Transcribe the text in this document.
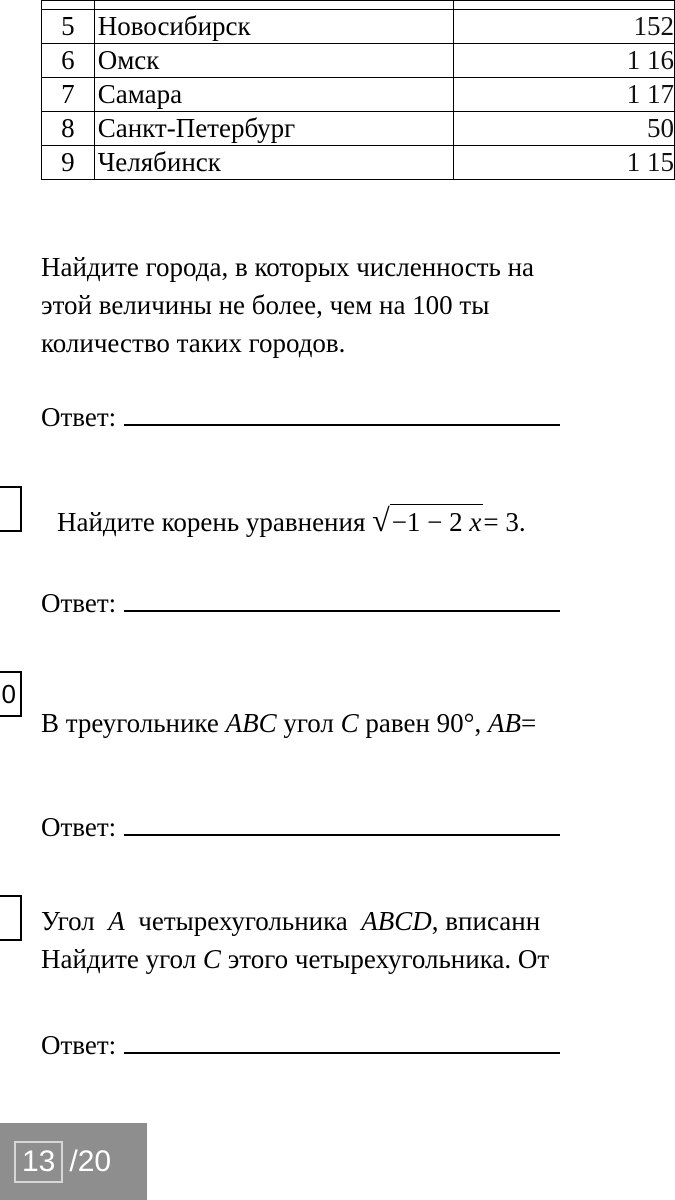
5	Новосибирск	152
6	Омск	1 16
7	Самара	1 17
8	Санкт-Петербург	50
9	Челябинск	1 15
Найдите города, в которых численность на
этой величины не более, чем на 100 ты
количество таких городов.
Ответ:
Найдите корень уравнения √−1 − 2 x= 3.
Ответ:
0
В треугольнике ABC угол C равен 90°, AB=
Ответ:
Угол A четырехугольника ABCD, вписанн
Найдите угол C этого четырехугольника. От
Ответ:
13 /20
